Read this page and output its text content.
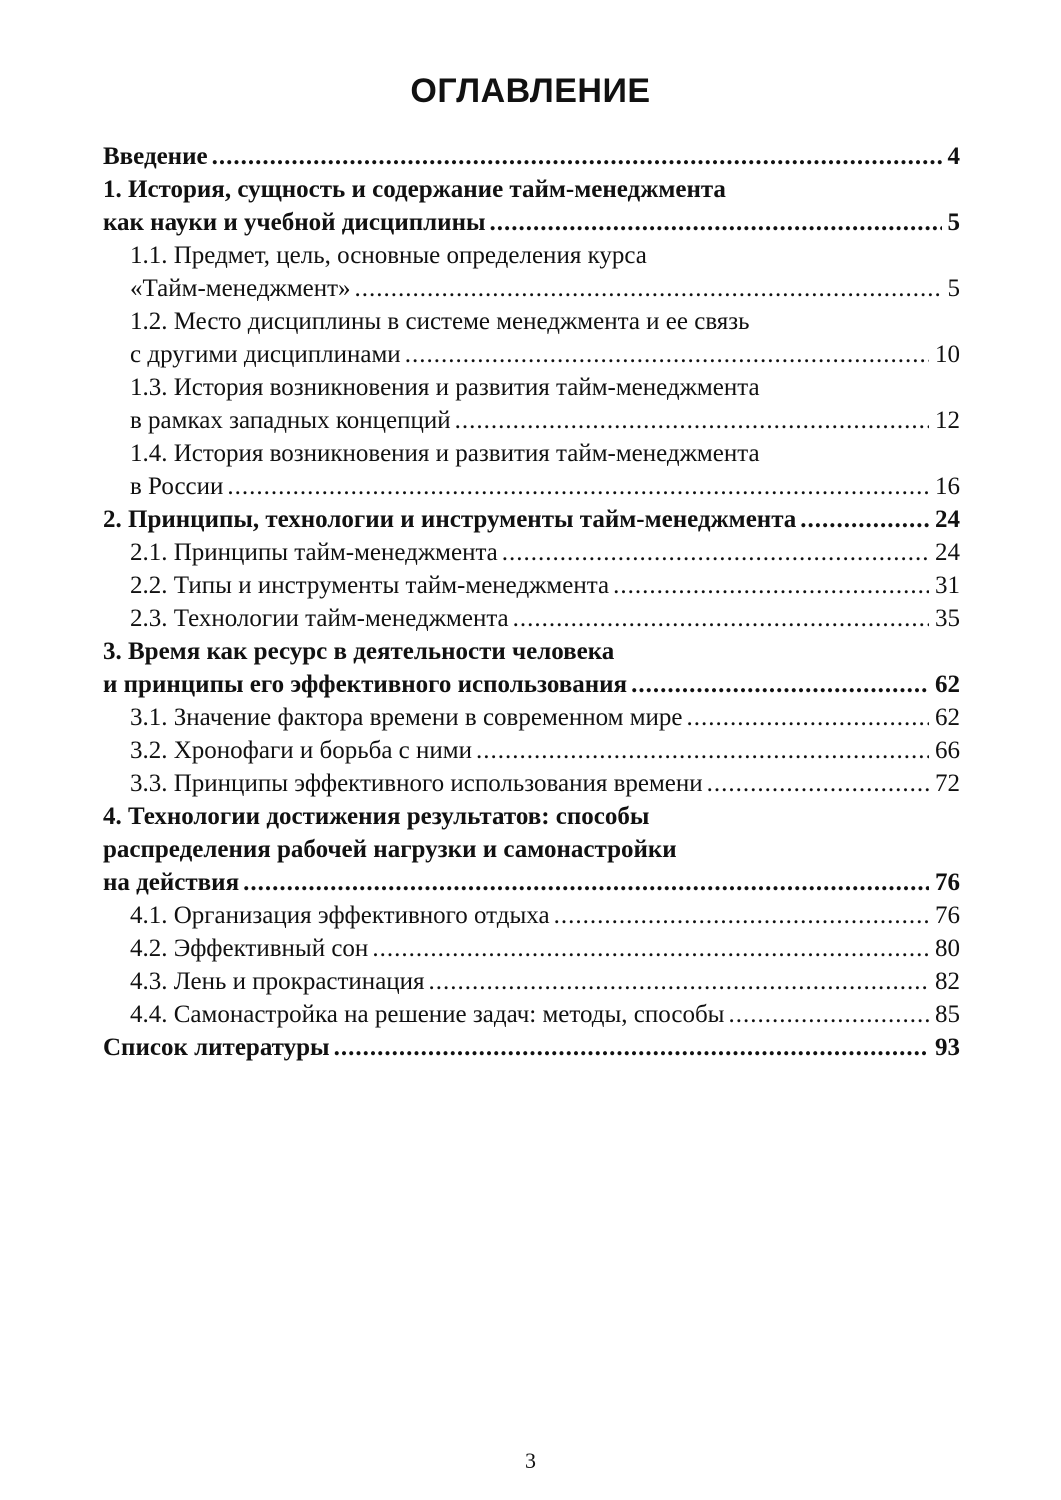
ОГЛАВЛЕНИЕ
Введение .....	4
1. История, сущность и содержание тайм-менеджмента
как науки и учебной дисциплины .....	5
1.1. Предмет, цель, основные определения курса
«Тайм-менеджмент» .....	5
1.2. Место дисциплины в системе менеджмента и ее связь
с другими дисциплинами .....	10
1.3. История возникновения и развития тайм-менеджмента
в рамках западных концепций .....	12
1.4. История возникновения и развития тайм-менеджмента
в России .....	16
2. Принципы, технологии и инструменты тайм-менеджмента .....	24
2.1. Принципы тайм-менеджмента .....	24
2.2. Типы и инструменты тайм-менеджмента .....	31
2.3. Технологии тайм-менеджмента .....	35
3. Время как ресурс в деятельности человека
и принципы его эффективного использования .....	62
3.1. Значение фактора времени в современном мире .....	62
3.2. Хронофаги и борьба с ними .....	66
3.3. Принципы эффективного использования времени .....	72
4. Технологии достижения результатов: способы
распределения рабочей нагрузки и самонастройки
на действия .....	76
4.1. Организация эффективного отдыха .....	76
4.2. Эффективный сон .....	80
4.3. Лень и прокрастинация .....	82
4.4. Самонастройка на решение задач: методы, способы .....	85
Список литературы .....	93
3
